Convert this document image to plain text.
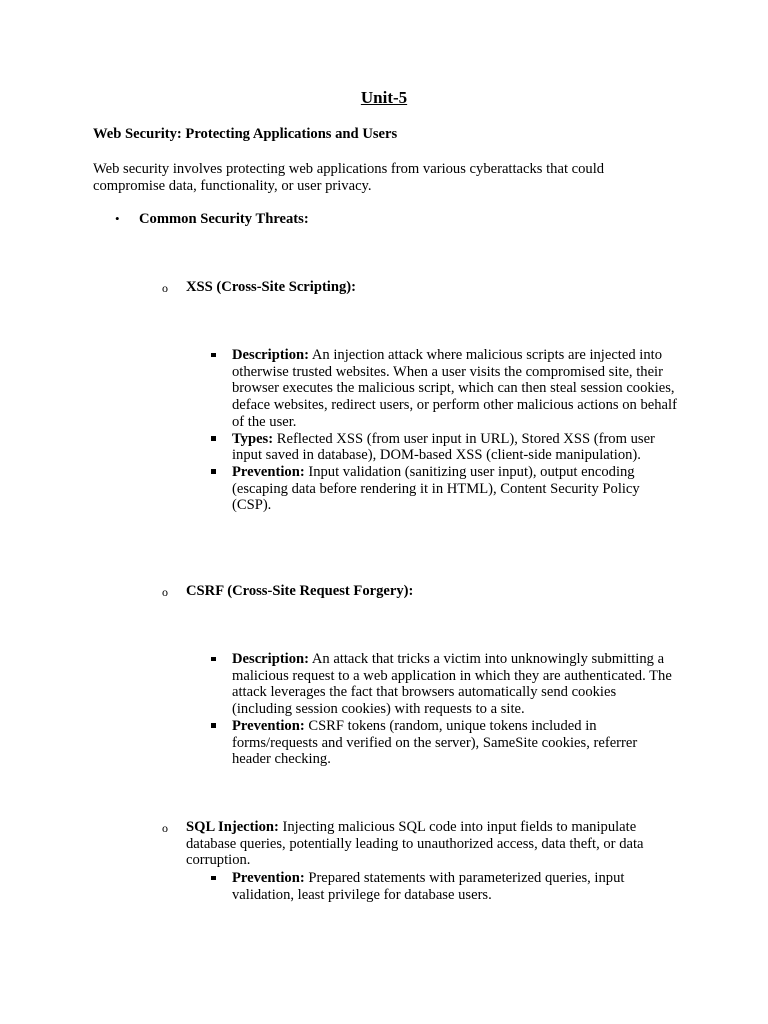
Unit-5
Web Security: Protecting Applications and Users
Web security involves protecting web applications from various cyberattacks that could compromise data, functionality, or user privacy.
• Common Security Threats:
o XSS (Cross-Site Scripting):
Description: An injection attack where malicious scripts are injected into otherwise trusted websites. When a user visits the compromised site, their browser executes the malicious script, which can then steal session cookies, deface websites, redirect users, or perform other malicious actions on behalf of the user.
Types: Reflected XSS (from user input in URL), Stored XSS (from user input saved in database), DOM-based XSS (client-side manipulation).
Prevention: Input validation (sanitizing user input), output encoding (escaping data before rendering it in HTML), Content Security Policy (CSP).
o CSRF (Cross-Site Request Forgery):
Description: An attack that tricks a victim into unknowingly submitting a malicious request to a web application in which they are authenticated. The attack leverages the fact that browsers automatically send cookies (including session cookies) with requests to a site.
Prevention: CSRF tokens (random, unique tokens included in forms/requests and verified on the server), SameSite cookies, referrer header checking.
o SQL Injection: Injecting malicious SQL code into input fields to manipulate database queries, potentially leading to unauthorized access, data theft, or data corruption.
Prevention: Prepared statements with parameterized queries, input validation, least privilege for database users.
